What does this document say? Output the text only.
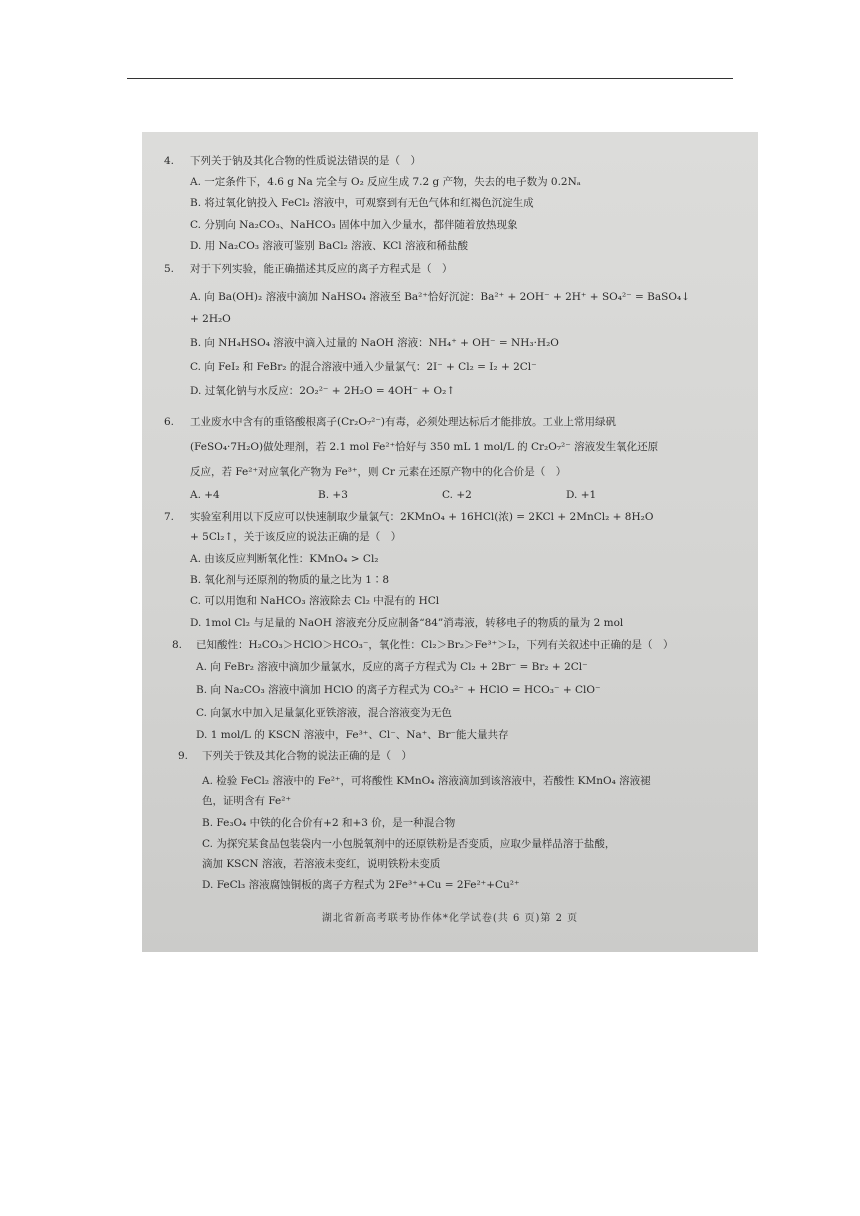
4. 下列关于钠及其化合物的性质说法错误的是（　）
A. 一定条件下，4.6 g Na 完全与 O₂ 反应生成 7.2 g 产物，失去的电子数为 0.2Nₐ
B. 将过氧化钠投入 FeCl₂ 溶液中，可观察到有无色气体和红褐色沉淀生成
C. 分别向 Na₂CO₃、NaHCO₃ 固体中加入少量水，都伴随着放热现象
D. 用 Na₂CO₃ 溶液可鉴别 BaCl₂ 溶液、KCl 溶液和稀盐酸
5. 对于下列实验，能正确描述其反应的离子方程式是（　）
A. 向 Ba(OH)₂ 溶液中滴加 NaHSO₄ 溶液至 Ba²⁺恰好沉淀：Ba²⁺ + 2OH⁻ + 2H⁺ + SO₄²⁻ = BaSO₄↓
+ 2H₂O
B. 向 NH₄HSO₄ 溶液中滴入过量的 NaOH 溶液：NH₄⁺ + OH⁻ = NH₃·H₂O
C. 向 FeI₂ 和 FeBr₂ 的混合溶液中通入少量氯气：2I⁻ + Cl₂ = I₂ + 2Cl⁻
D. 过氧化钠与水反应：2O₂²⁻ + 2H₂O = 4OH⁻ + O₂↑
6. 工业废水中含有的重铬酸根离子(Cr₂O₇²⁻)有毒，必须处理达标后才能排放。工业上常用绿矾
(FeSO₄·7H₂O)做处理剂，若 2.1 mol Fe²⁺恰好与 350 mL 1 mol/L 的 Cr₂O₇²⁻ 溶液发生氧化还原
反应，若 Fe²⁺对应氧化产物为 Fe³⁺，则 Cr 元素在还原产物中的化合价是（　）
A. +4	B. +3	C. +2	D. +1
7. 实验室利用以下反应可以快速制取少量氯气：2KMnO₄ + 16HCl(浓) = 2KCl + 2MnCl₂ + 8H₂O
+ 5Cl₂↑，关于该反应的说法正确的是（　）
A. 由该反应判断氧化性：KMnO₄ > Cl₂
B. 氧化剂与还原剂的物质的量之比为 1∶8
C. 可以用饱和 NaHCO₃ 溶液除去 Cl₂ 中混有的 HCl
D. 1mol Cl₂ 与足量的 NaOH 溶液充分反应制备“84”消毒液，转移电子的物质的量为 2 mol
8. 已知酸性：H₂CO₃＞HClO＞HCO₃⁻，氧化性：Cl₂＞Br₂＞Fe³⁺＞I₂，下列有关叙述中正确的是（　）
A. 向 FeBr₂ 溶液中滴加少量氯水，反应的离子方程式为 Cl₂ + 2Br⁻ = Br₂ + 2Cl⁻
B. 向 Na₂CO₃ 溶液中滴加 HClO 的离子方程式为 CO₃²⁻ + HClO = HCO₃⁻ + ClO⁻
C. 向氯水中加入足量氯化亚铁溶液，混合溶液变为无色
D. 1 mol/L 的 KSCN 溶液中，Fe³⁺、Cl⁻、Na⁺、Br⁻能大量共存
9. 下列关于铁及其化合物的说法正确的是（　）
A. 检验 FeCl₂ 溶液中的 Fe²⁺，可将酸性 KMnO₄ 溶液滴加到该溶液中，若酸性 KMnO₄ 溶液褪
色，证明含有 Fe²⁺
B. Fe₃O₄ 中铁的化合价有+2 和+3 价，是一种混合物
C. 为探究某食品包装袋内一小包脱氧剂中的还原铁粉是否变质，应取少量样品溶于盐酸，
滴加 KSCN 溶液，若溶液未变红，说明铁粉未变质
D. FeCl₃ 溶液腐蚀铜板的离子方程式为 2Fe³⁺+Cu = 2Fe²⁺+Cu²⁺
湖北省新高考联考协作体*化学试卷(共 6 页)第 2 页
